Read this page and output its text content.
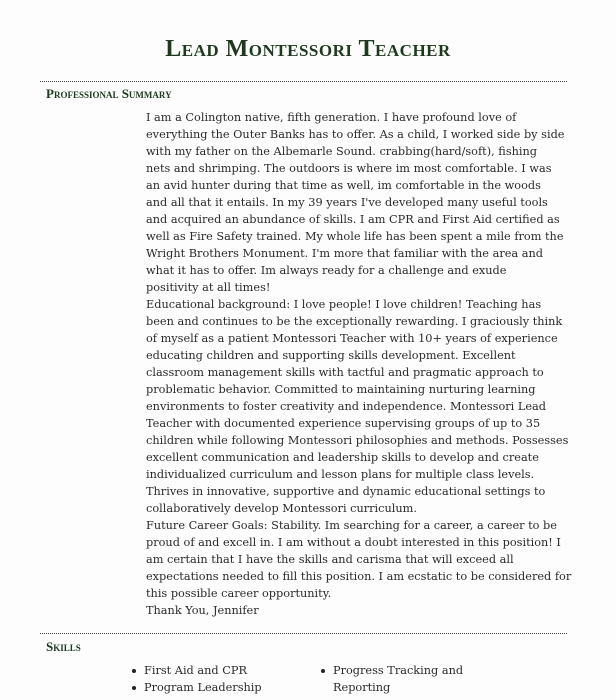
Lead Montessori Teacher
Professional Summary
I am a Colington native, fifth generation. I have profound love of
everything the Outer Banks has to offer. As a child, I worked side by side
with my father on the Albemarle Sound. crabbing(hard/soft), fishing
nets and shrimping. The outdoors is where im most comfortable. I was
an avid hunter during that time as well, im comfortable in the woods
and all that it entails. In my 39 years I've developed many useful tools
and acquired an abundance of skills. I am CPR and First Aid certified as
well as Fire Safety trained. My whole life has been spent a mile from the
Wright Brothers Monument. I'm more that familiar with the area and
what it has to offer. Im always ready for a challenge and exude
positivity at all times!
Educational background: I love people! I love children! Teaching has
been and continues to be the exceptionally rewarding. I graciously think
of myself as a patient Montessori Teacher with 10+ years of experience
educating children and supporting skills development. Excellent
classroom management skills with tactful and pragmatic approach to
problematic behavior. Committed to maintaining nurturing learning
environments to foster creativity and independence. Montessori Lead
Teacher with documented experience supervising groups of up to 35
children while following Montessori philosophies and methods. Possesses
excellent communication and leadership skills to develop and create
individualized curriculum and lesson plans for multiple class levels.
Thrives in innovative, supportive and dynamic educational settings to
collaboratively develop Montessori curriculum.
Future Career Goals: Stability. Im searching for a career, a career to be
proud of and excell in. I am without a doubt interested in this position! I
am certain that I have the skills and carisma that will exceed all
expectations needed to fill this position. I am ecstatic to be considered for
this possible career opportunity.
Thank You, Jennifer
Skills
First Aid and CPR
Program Leadership
Progress Tracking and Reporting
